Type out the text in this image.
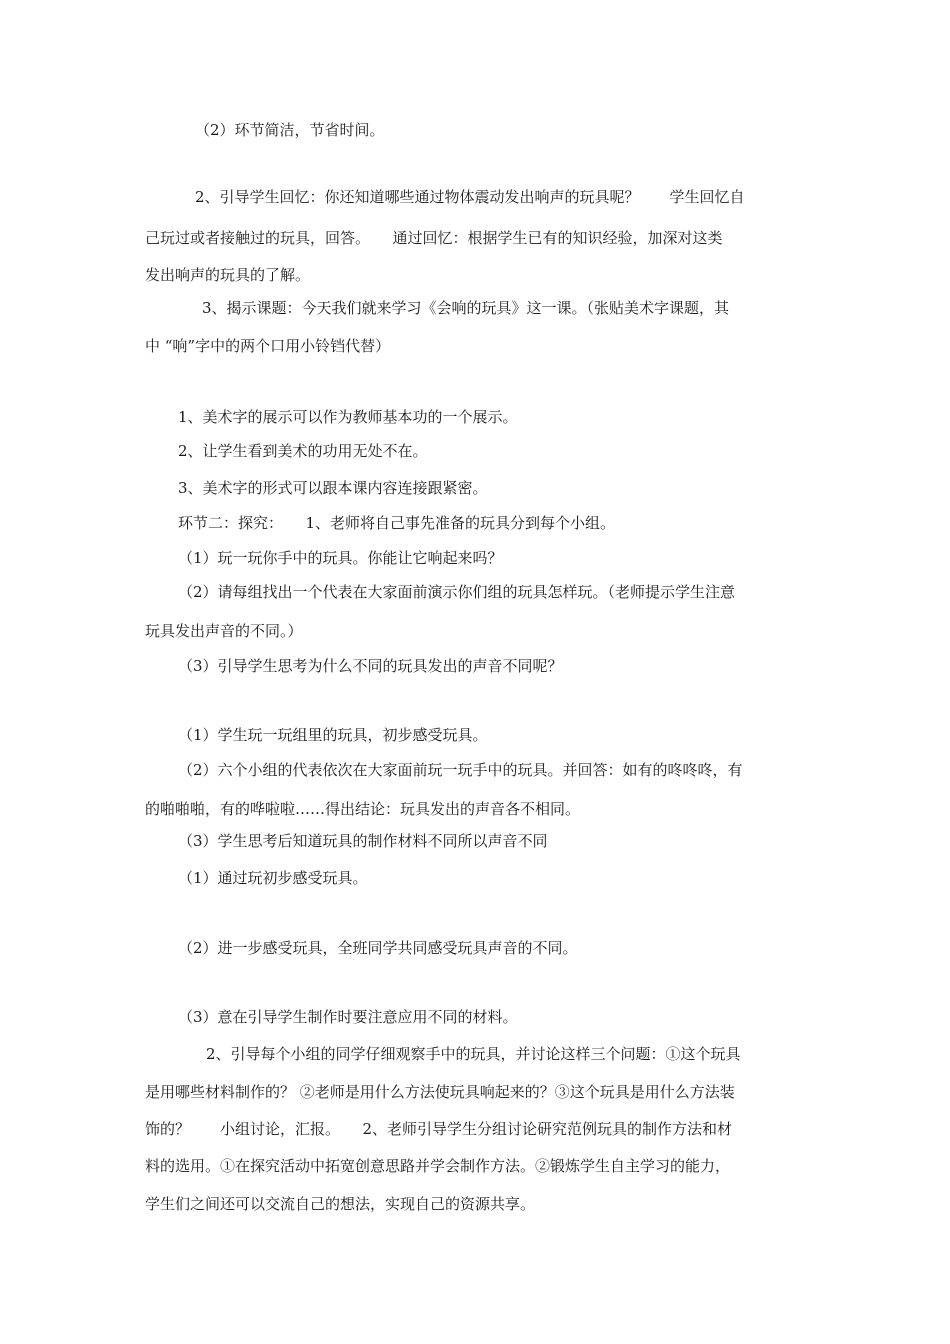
（2）环节简洁，节省时间。

2、引导学生回忆：你还知道哪些通过物体震动发出响声的玩具呢？　　学生回忆自

己玩过或者接触过的玩具，回答。　　通过回忆：根据学生已有的知识经验，加深对这类

发出响声的玩具的了解。

3、揭示课题：今天我们就来学习《会响的玩具》这一课。（张贴美术字课题，其

中 “响”字中的两个口用小铃铛代替）

1、美术字的展示可以作为教师基本功的一个展示。

2、让学生看到美术的功用无处不在。

3、美术字的形式可以跟本课内容连接跟紧密。

环节二：探究：　　1、老师将自己事先准备的玩具分到每个小组。

（1）玩一玩你手中的玩具。你能让它响起来吗？

（2）请每组找出一个代表在大家面前演示你们组的玩具怎样玩。（老师提示学生注意

玩具发出声音的不同。）

（3）引导学生思考为什么不同的玩具发出的声音不同呢？

（1）学生玩一玩组里的玩具，初步感受玩具。

（2）六个小组的代表依次在大家面前玩一玩手中的玩具。并回答：如有的咚咚咚，有

的啪啪啪，有的哗啦啦……得出结论：玩具发出的声音各不相同。

（3）学生思考后知道玩具的制作材料不同所以声音不同

（1）通过玩初步感受玩具。

（2）进一步感受玩具，全班同学共同感受玩具声音的不同。

（3）意在引导学生制作时要注意应用不同的材料。

2、引导每个小组的同学仔细观察手中的玩具，并讨论这样三个问题：①这个玩具

是用哪些材料制作的？ ②老师是用什么方法使玩具响起来的？③这个玩具是用什么方法装

饰的？　　小组讨论，汇报。　　2、老师引导学生分组讨论研究范例玩具的制作方法和材

料的选用。①在探究活动中拓宽创意思路并学会制作方法。②锻炼学生自主学习的能力，

学生们之间还可以交流自己的想法，实现自己的资源共享。
